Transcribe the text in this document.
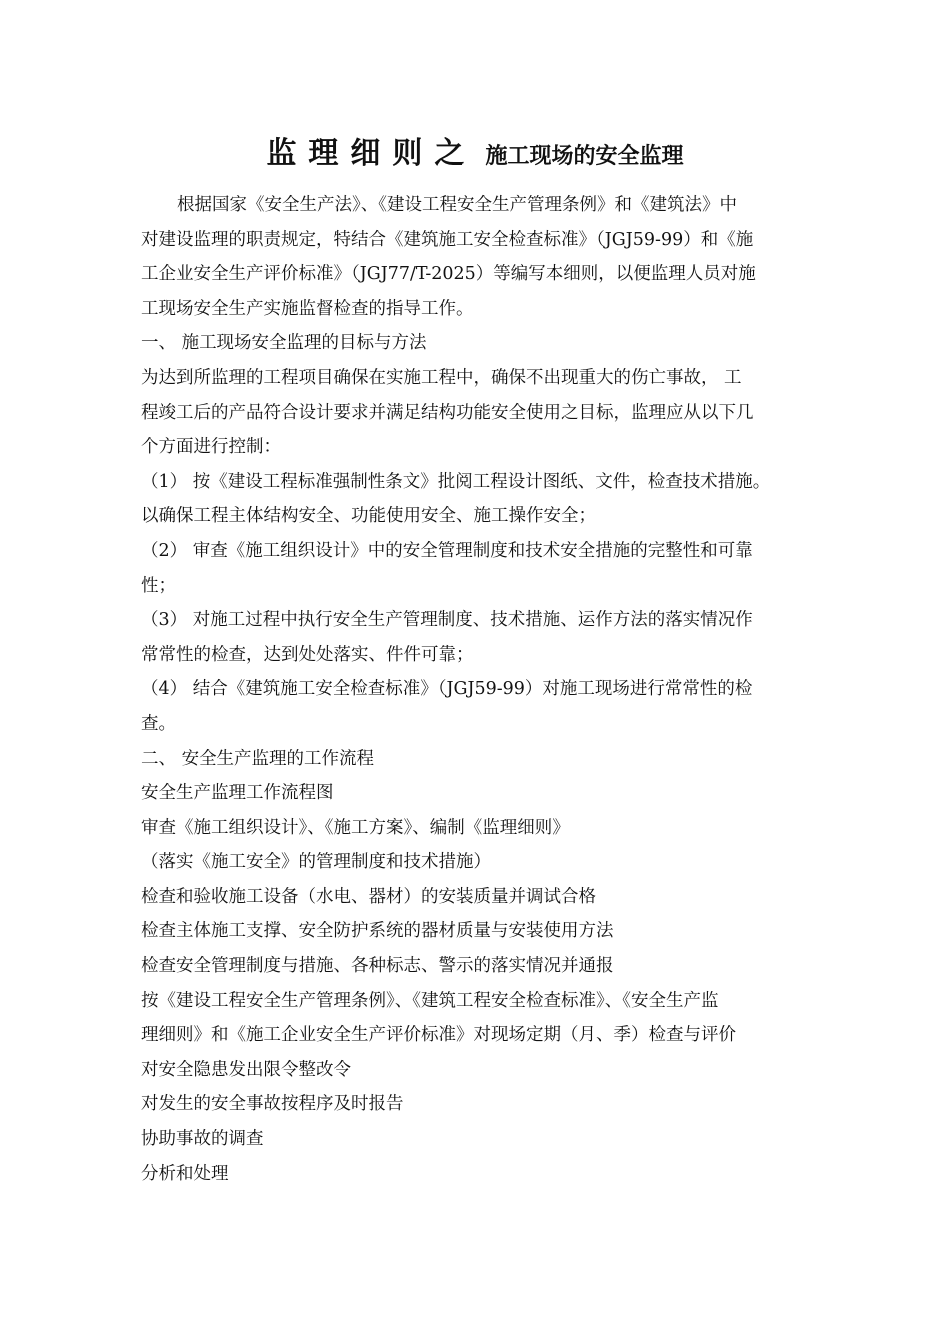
监理细则之 施工现场的安全监理
根据国家《安全生产法》、《建设工程安全生产管理条例》和《建筑法》中
对建设监理的职责规定，特结合《建筑施工安全检查标准》（JGJ59-99）和《施
工企业安全生产评价标准》（JGJ77/T-2025）等编写本细则，以便监理人员对施
工现场安全生产实施监督检查的指导工作。
一、 施工现场安全监理的目标与方法
为达到所监理的工程项目确保在实施工程中，确保不出现重大的伤亡事故， 工
程竣工后的产品符合设计要求并满足结构功能安全使用之目标，监理应从以下几
个方面进行控制：
（1） 按《建设工程标准强制性条文》批阅工程设计图纸、文件，检查技术措施。
以确保工程主体结构安全、功能使用安全、施工操作安全；
（2） 审查《施工组织设计》中的安全管理制度和技术安全措施的完整性和可靠
性；
（3） 对施工过程中执行安全生产管理制度、技术措施、运作方法的落实情况作
常常性的检查，达到处处落实、件件可靠；
（4） 结合《建筑施工安全检查标准》（JGJ59-99）对施工现场进行常常性的检
查。
二、 安全生产监理的工作流程
安全生产监理工作流程图
审查《施工组织设计》、《施工方案》、编制《监理细则》
（落实《施工安全》的管理制度和技术措施）
检查和验收施工设备（水电、器材）的安装质量并调试合格
检查主体施工支撑、安全防护系统的器材质量与安装使用方法
检查安全管理制度与措施、各种标志、警示的落实情况并通报
按《建设工程安全生产管理条例》、《建筑工程安全检查标准》、《安全生产监
理细则》和《施工企业安全生产评价标准》对现场定期（月、季）检查与评价
对安全隐患发出限令整改令
对发生的安全事故按程序及时报告
协助事故的调查
分析和处理
